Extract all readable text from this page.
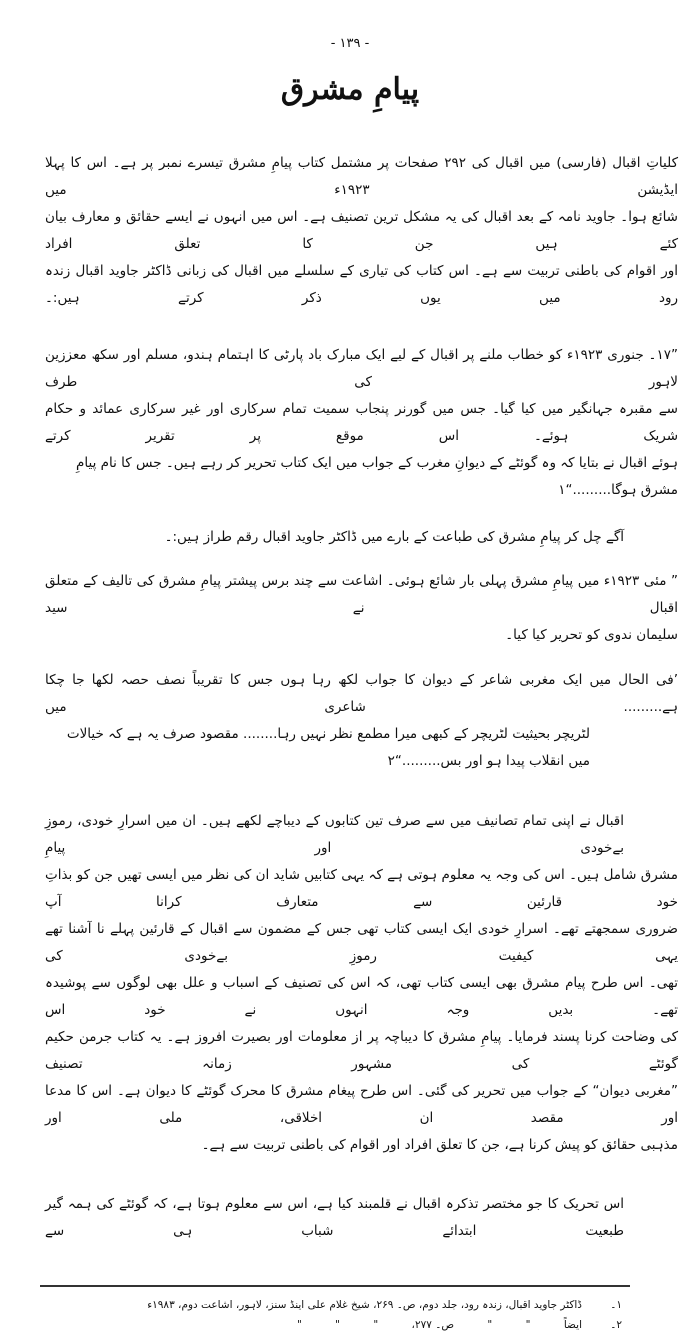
- ۱۳۹ -
پیامِ مشرق
کلیاتِ اقبال (فارسی) میں اقبال کی ۲۹۲ صفحات پر مشتمل کتاب پیامِ مشرق تیسرے نمبر پر ہے۔ اس کا پہلا ایڈیشن ۱۹۲۳ء میں
شائع ہوا۔ جاوید نامہ کے بعد اقبال کی یہ مشکل ترین تصنیف ہے۔ اس میں انہوں نے ایسے حقائق و معارف بیان کئے ہیں جن کا تعلق افراد
اور اقوام کی باطنی تربیت سے ہے۔ اس کتاب کی تیاری کے سلسلے میں اقبال کی زبانی ڈاکٹر جاوید اقبال زندہ رود میں یوں ذکر کرتے ہیں:۔
”۱۷۔ جنوری ۱۹۲۳ء کو خطاب ملنے پر اقبال کے لیے ایک مبارک باد پارٹی کا اہتمام ہندو، مسلم اور سکھ معززین لاہور کی طرف
سے مقبرہ جہانگیر میں کیا گیا۔ جس میں گورنر پنجاب سمیت تمام سرکاری اور غیر سرکاری عمائد و حکام شریک ہوئے۔ اس موقع پر تقریر کرتے
ہوئے اقبال نے بتایا کہ وہ گوئٹے کے دیوانِ مغرب کے جواب میں ایک کتاب تحریر کر رہے ہیں۔ جس کا نام پیامِ مشرق ہوگا.........“۱
آگے چل کر پیامِ مشرق کی طباعت کے بارے میں ڈاکٹر جاوید اقبال رقم طراز ہیں:۔
” مئی ۱۹۲۳ء میں پیامِ مشرق پہلی بار شائع ہوئی۔ اشاعت سے چند برس پیشتر پیامِ مشرق کی تالیف کے متعلق اقبال نے سید
سلیمان ندوی کو تحریر کیا کیا۔
’فی الحال میں ایک مغربی شاعر کے دیوان کا جواب لکھ رہا ہوں جس کا تقریباً نصف حصہ لکھا جا چکا ہے......... شاعری میں
لٹریچر بحیثیت لٹریچر کے کبھی میرا مطمع نظر نہیں رہا........ مقصود صرف یہ ہے کہ خیالات میں انقلاب پیدا ہو اور بس.........“۲
اقبال نے اپنی تمام تصانیف میں سے صرف تین کتابوں کے دیباچے لکھے ہیں۔ ان میں اسرارِ خودی، رموزِ بےخودی اور پیامِ
مشرق شامل ہیں۔ اس کی وجہ یہ معلوم ہوتی ہے کہ یہی کتابیں شاید ان کی نظر میں ایسی تھیں جن کو بذاتِ خود قارئین سے متعارف کرانا آپ
ضروری سمجھتے تھے۔ اسرارِ خودی ایک ایسی کتاب تھی جس کے مضمون سے اقبال کے قارئین پہلے نا آشنا تھے یہی کیفیت رموزِ بےخودی کی
تھی۔ اس طرح پیام مشرق بھی ایسی کتاب تھی، کہ اس کی تصنیف کے اسباب و علل بھی لوگوں سے پوشیدہ تھے۔ بدیں وجہ انہوں نے خود اس
کی وضاحت کرنا پسند فرمایا۔ پیامِ مشرق کا دیباچہ پر از معلومات اور بصیرت افروز ہے۔ یہ کتاب جرمن حکیم گوئٹے کی مشہور زمانہ تصنیف
”مغربی دیوان“ کے جواب میں تحریر کی گئی۔ اس طرح پیغام مشرق کا محرک گوئٹے کا دیوان ہے۔ اس کا مدعا اور مقصد ان اخلاقی، ملی اور
مذہبی حقائق کو پیش کرنا ہے، جن کا تعلق افراد اور اقوام کی باطنی تربیت سے ہے۔
اس تحریک کا جو مختصر تذکرہ اقبال نے قلمبند کیا ہے، اس سے معلوم ہوتا ہے، کہ گوئٹے کی ہمہ گیر طبعیت ابتدائے شباب ہی سے
۱۔
ڈاکٹر جاوید اقبال، زندہ رود، جلد دوم، ص۔ ۲۶۹، شیخ غلام علی اینڈ سنز، لاہور، اشاعت دوم، ۱۹۸۳ء
۲۔
ایضاً          "          "          ص۔ ۲۷۷،          "          "          "
